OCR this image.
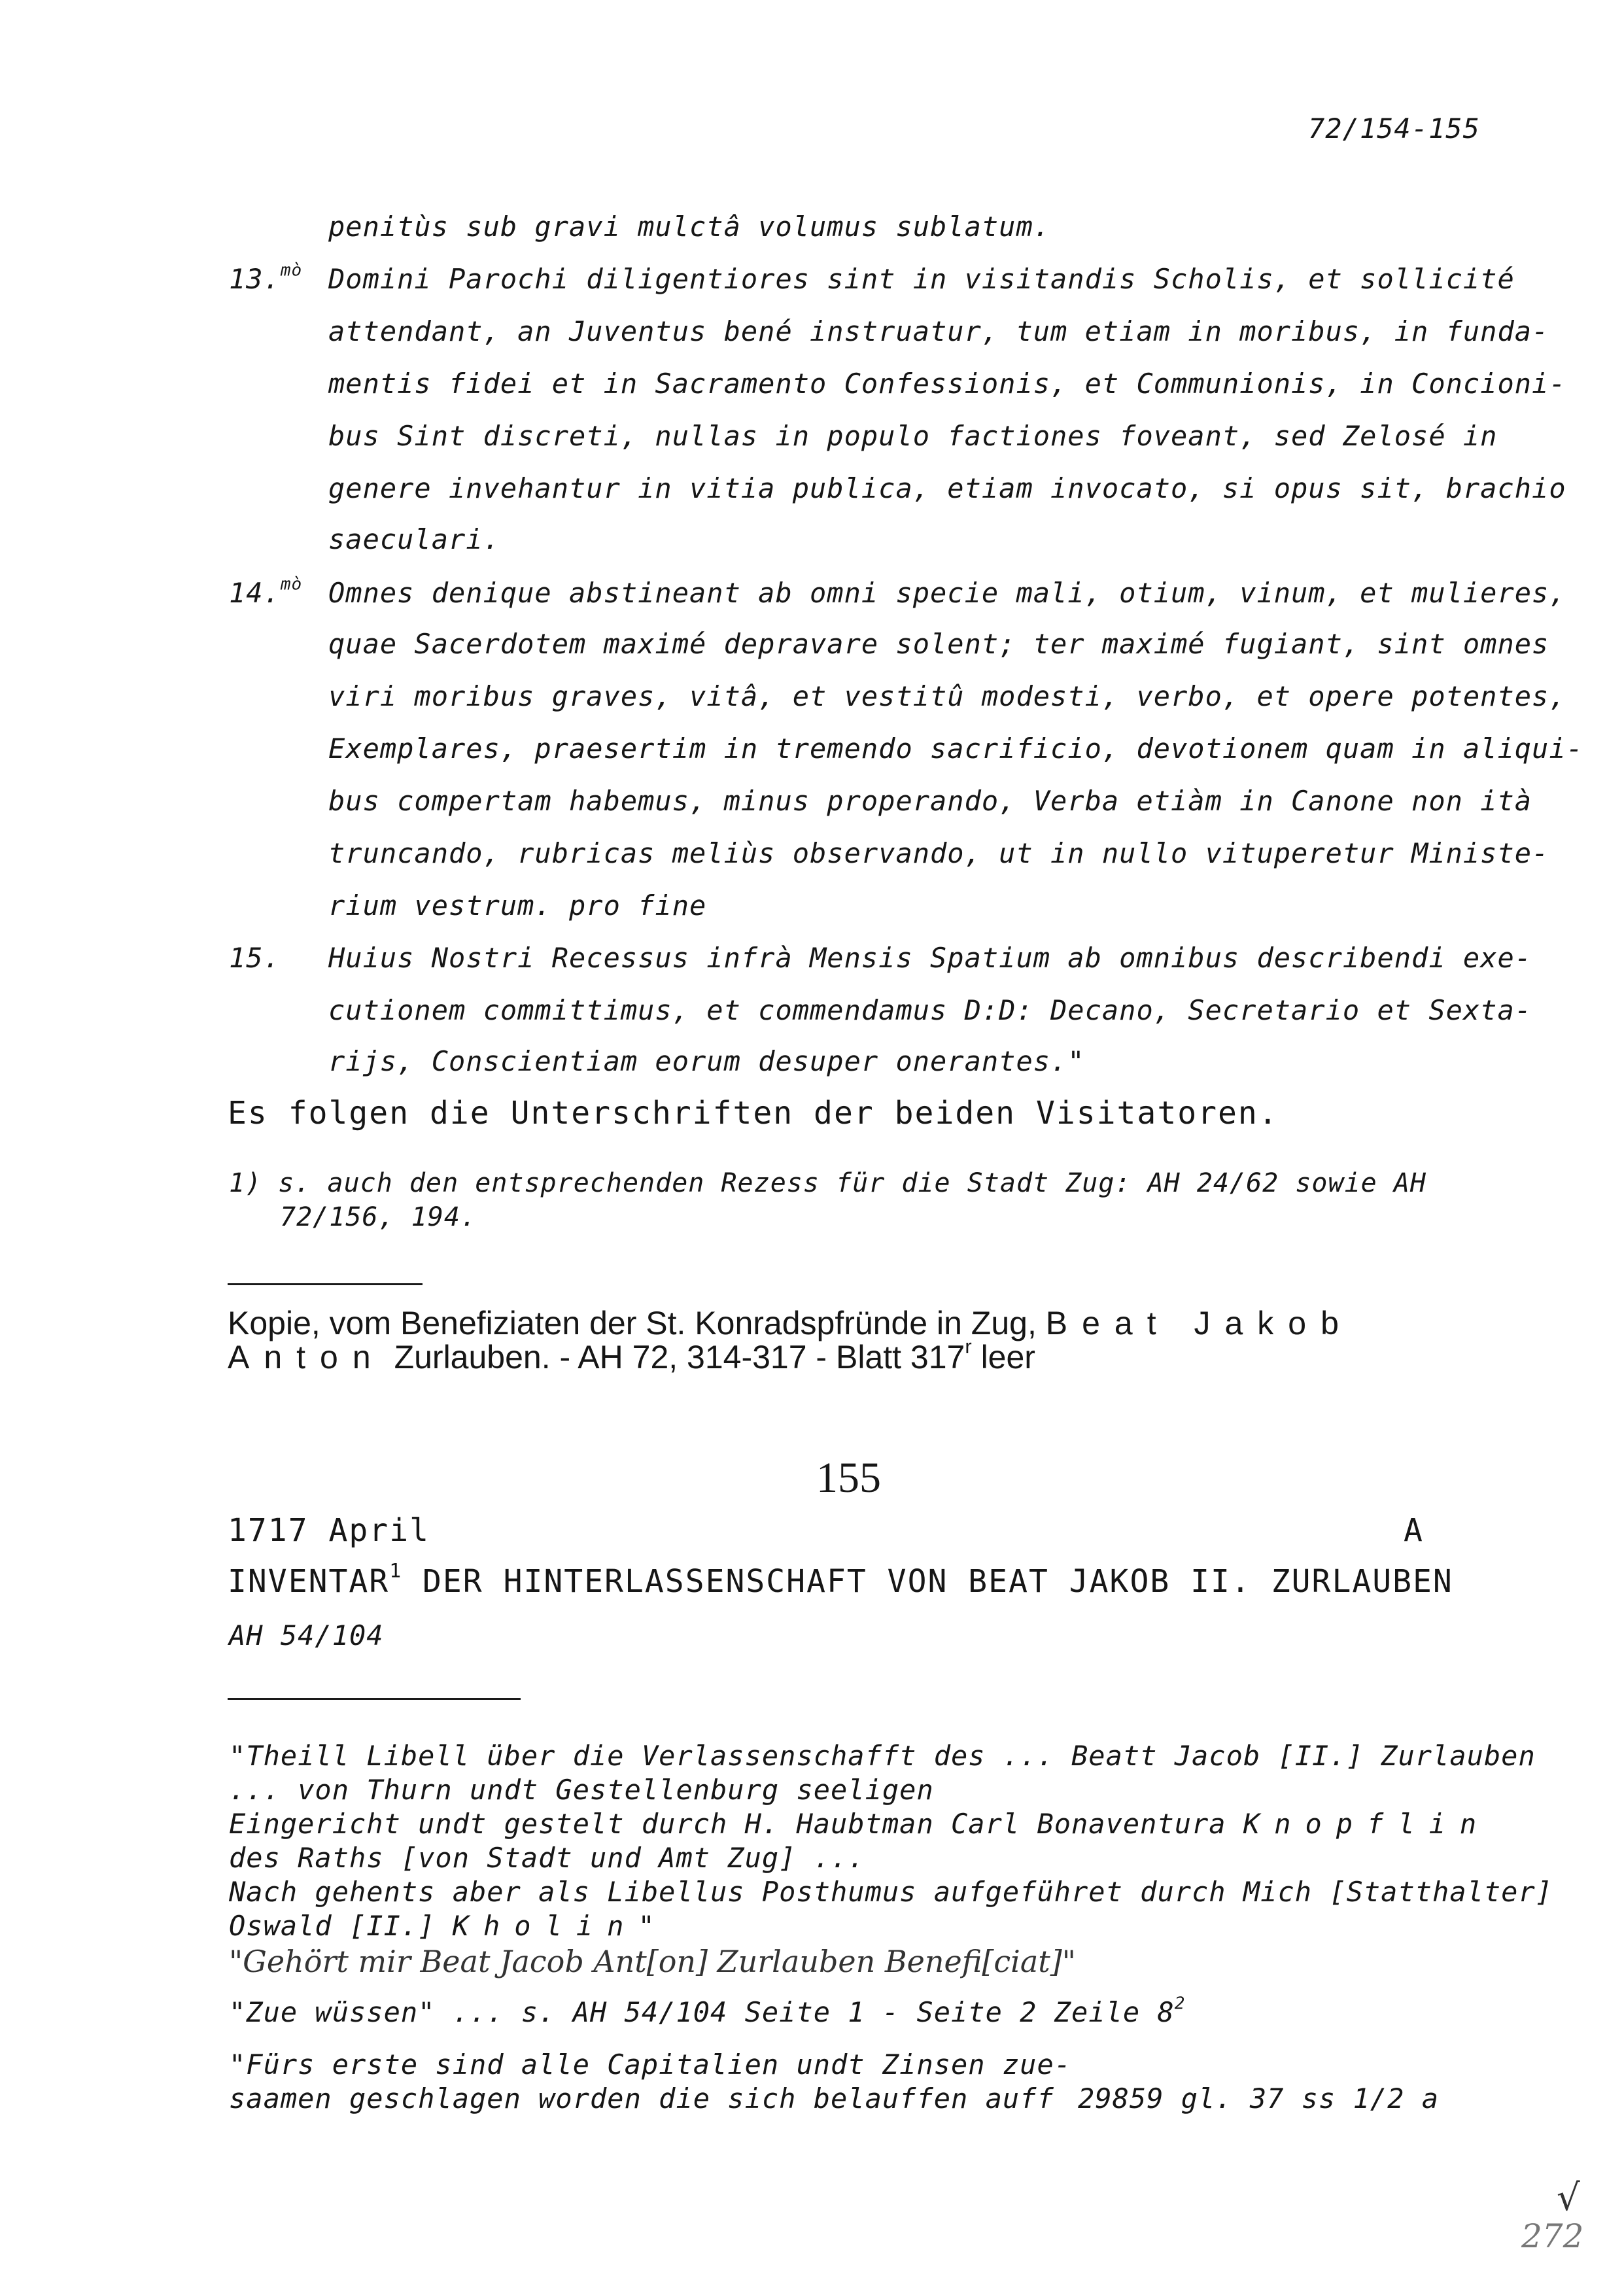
72/154-155
penitùs sub gravi mulctâ volumus sublatum.
13.$^{mò}$ Domini Parochi diligentiores sint in visitandis Scholis, et sollicité
attendant, an Juventus bené instruatur, tum etiam in moribus, in funda-
mentis fidei et in Sacramento Confessionis, et Communionis, in Concioni-
bus Sint discreti, nullas in populo factiones foveant, sed Zelosé in
genere invehantur in vitia publica, etiam invocato, si opus sit, brachio
saeculari.
14.$^{mò}$ Omnes denique abstineant ab omni specie mali, otium, vinum, et mulieres,
quae Sacerdotem maximé depravare solent; ter maximé fugiant, sint omnes
viri moribus graves, vitâ, et vestitû modesti, verbo, et opere potentes,
Exemplares, praesertim in tremendo sacrificio, devotionem quam in aliqui-
bus compertam habemus, minus properando, Verba etiàm in Canone non ità
truncando, rubricas meliùs observando, ut in nullo vituperetur Ministe-
rium vestrum. pro fine
15. Huius Nostri Recessus infrà Mensis Spatium ab omnibus describendi exe-
cutionem committimus, et commendamus D:D: Decano, Secretario et Sexta-
rijs, Conscientiam eorum desuper onerantes."
Es folgen die Unterschriften der beiden Visitatoren.
1) s. auch den entsprechenden Rezess für die Stadt Zug: AH 24/62 sowie AH
72/156, 194.
Kopie, vom Benefiziaten der St. Konradspfründe in Zug, Beat Jakob
Anton Zurlauben. - AH 72, 314-317 - Blatt 317$^r$ leer
155
1717 April	A
INVENTAR$^1$ DER HINTERLASSENSCHAFT VON BEAT JAKOB II. ZURLAUBEN
AH 54/104
"Theill Libell über die Verlassenschafft des ... Beatt Jacob [II.] Zurlauben
... von Thurn undt Gestellenburg seeligen
Eingericht undt gestelt durch H. Haubtman Carl Bonaventura Knopflin
des Raths [von Stadt und Amt Zug] ...
Nach gehents aber als Libellus Posthumus aufgeführet durch Mich [Statthalter]
Oswald [II.] Kholin"
"Gehört mir Beat Jacob Ant[on] Zurlauben Benefi[ciat]"
"Zue wüssen" ... s. AH 54/104 Seite 1 - Seite 2 Zeile $8^2$
"Fürs erste sind alle Capitalien undt Zinsen zue-
saamen geschlagen worden die sich belauffen auff 29859 gl. 37 ss 1/2 a
√
272
